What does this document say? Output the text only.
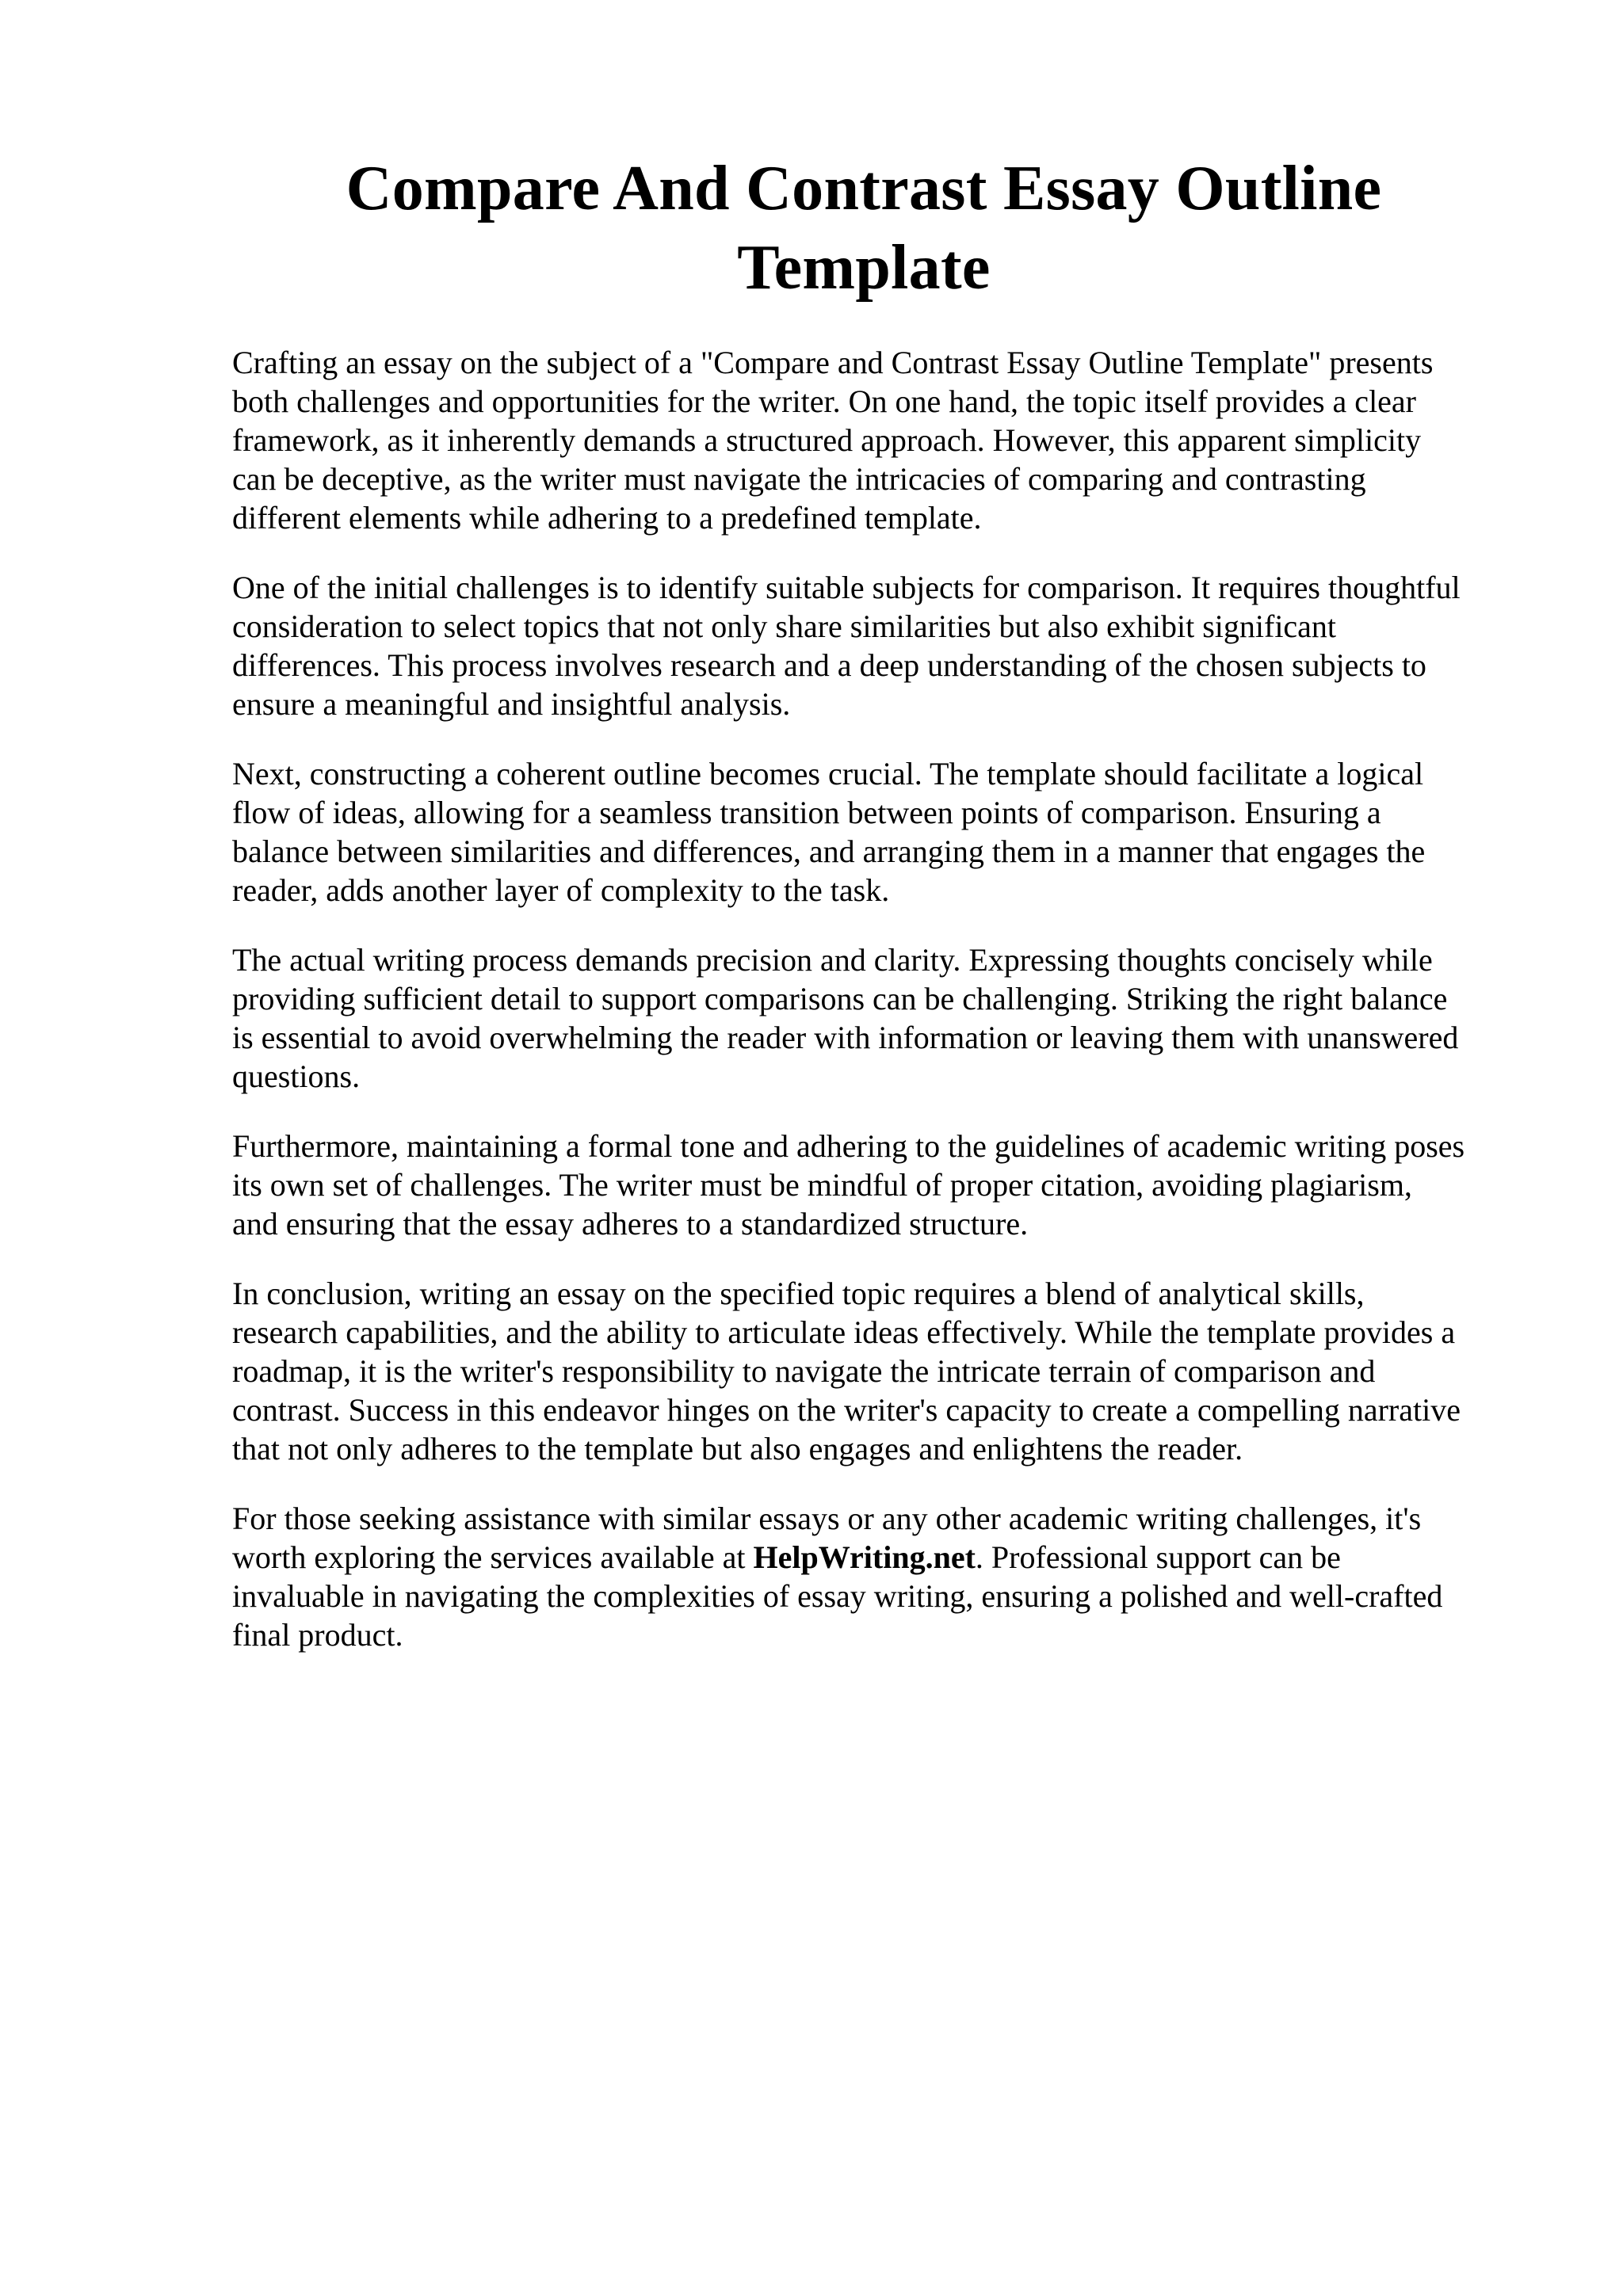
Compare And Contrast Essay Outline
Template

Crafting an essay on the subject of a "Compare and Contrast Essay Outline Template" presents
both challenges and opportunities for the writer. On one hand, the topic itself provides a clear
framework, as it inherently demands a structured approach. However, this apparent simplicity
can be deceptive, as the writer must navigate the intricacies of comparing and contrasting
different elements while adhering to a predefined template.

One of the initial challenges is to identify suitable subjects for comparison. It requires thoughtful
consideration to select topics that not only share similarities but also exhibit significant
differences. This process involves research and a deep understanding of the chosen subjects to
ensure a meaningful and insightful analysis.

Next, constructing a coherent outline becomes crucial. The template should facilitate a logical
flow of ideas, allowing for a seamless transition between points of comparison. Ensuring a
balance between similarities and differences, and arranging them in a manner that engages the
reader, adds another layer of complexity to the task.

The actual writing process demands precision and clarity. Expressing thoughts concisely while
providing sufficient detail to support comparisons can be challenging. Striking the right balance
is essential to avoid overwhelming the reader with information or leaving them with unanswered
questions.

Furthermore, maintaining a formal tone and adhering to the guidelines of academic writing poses
its own set of challenges. The writer must be mindful of proper citation, avoiding plagiarism,
and ensuring that the essay adheres to a standardized structure.

In conclusion, writing an essay on the specified topic requires a blend of analytical skills,
research capabilities, and the ability to articulate ideas effectively. While the template provides a
roadmap, it is the writer's responsibility to navigate the intricate terrain of comparison and
contrast. Success in this endeavor hinges on the writer's capacity to create a compelling narrative
that not only adheres to the template but also engages and enlightens the reader.

For those seeking assistance with similar essays or any other academic writing challenges, it's
worth exploring the services available at HelpWriting.net. Professional support can be
invaluable in navigating the complexities of essay writing, ensuring a polished and well-crafted
final product.
